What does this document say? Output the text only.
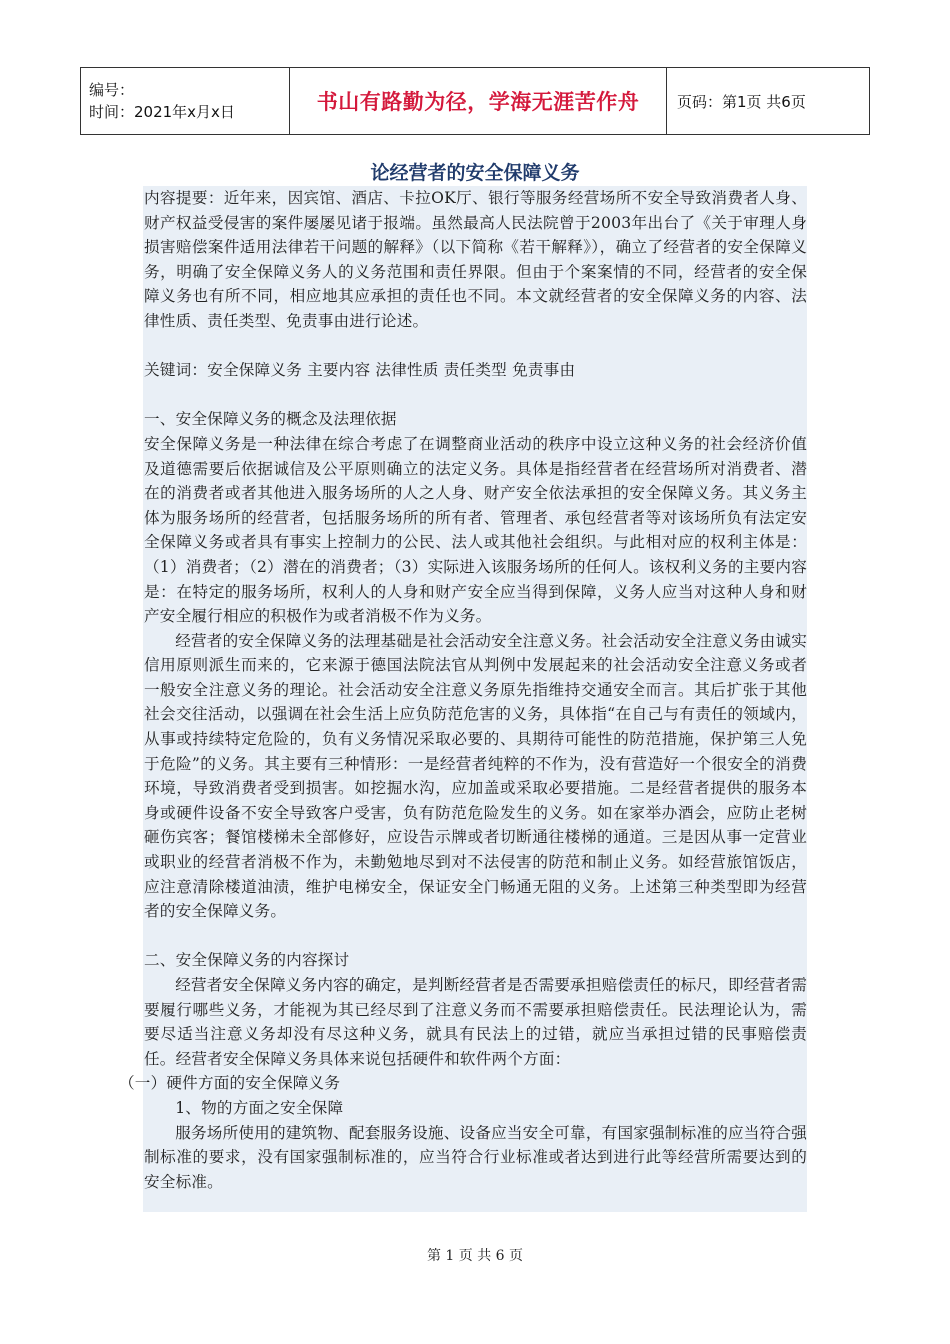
编号：
时间：2021年x月x日	书山有路勤为径，学海无涯苦作舟	页码：第1页 共6页
论经营者的安全保障义务

内容提要：近年来，因宾馆、酒店、卡拉OK厅、银行等服务经营场所不安全导致消费者人身、财产权益受侵害的案件屡屡见诸于报端。虽然最高人民法院曾于2003年出台了《关于审理人身损害赔偿案件适用法律若干问题的解释》（以下简称《若干解释》），确立了经营者的安全保障义务，明确了安全保障义务人的义务范围和责任界限。但由于个案案情的不同，经营者的安全保障义务也有所不同，相应地其应承担的责任也不同。本文就经营者的安全保障义务的内容、法律性质、责任类型、免责事由进行论述。

关键词：安全保障义务 主要内容 法律性质 责任类型 免责事由

一、安全保障义务的概念及法理依据

安全保障义务是一种法律在综合考虑了在调整商业活动的秩序中设立这种义务的社会经济价值及道德需要后依据诚信及公平原则确立的法定义务。具体是指经营者在经营场所对消费者、潜在的消费者或者其他进入服务场所的人之人身、财产安全依法承担的安全保障义务。其义务主体为服务场所的经营者，包括服务场所的所有者、管理者、承包经营者等对该场所负有法定安全保障义务或者具有事实上控制力的公民、法人或其他社会组织。与此相对应的权利主体是：（1）消费者；（2）潜在的消费者；（3）实际进入该服务场所的任何人。该权利义务的主要内容是：在特定的服务场所，权利人的人身和财产安全应当得到保障，义务人应当对这种人身和财产安全履行相应的积极作为或者消极不作为义务。

经营者的安全保障义务的法理基础是社会活动安全注意义务。社会活动安全注意义务由诚实信用原则派生而来的，它来源于德国法院法官从判例中发展起来的社会活动安全注意义务或者一般安全注意义务的理论。社会活动安全注意义务原先指维持交通安全而言。其后扩张于其他社会交往活动，以强调在社会生活上应负防范危害的义务，具体指“在自己与有责任的领域内，从事或持续特定危险的，负有义务情况采取必要的、具期待可能性的防范措施，保护第三人免于危险”的义务。其主要有三种情形：一是经营者纯粹的不作为，没有营造好一个很安全的消费环境，导致消费者受到损害。如挖掘水沟，应加盖或采取必要措施。二是经营者提供的服务本身或硬件设备不安全导致客户受害，负有防范危险发生的义务。如在家举办酒会，应防止老树砸伤宾客；餐馆楼梯未全部修好，应设告示牌或者切断通往楼梯的通道。三是因从事一定营业或职业的经营者消极不作为，未勤勉地尽到对不法侵害的防范和制止义务。如经营旅馆饭店，应注意清除楼道油渍，维护电梯安全，保证安全门畅通无阻的义务。上述第三种类型即为经营者的安全保障义务。

二、安全保障义务的内容探讨

经营者安全保障义务内容的确定，是判断经营者是否需要承担赔偿责任的标尺，即经营者需要履行哪些义务，才能视为其已经尽到了注意义务而不需要承担赔偿责任。民法理论认为，需要尽适当注意义务却没有尽这种义务，就具有民法上的过错，就应当承担过错的民事赔偿责任。经营者安全保障义务具体来说包括硬件和软件两个方面：

（一）硬件方面的安全保障义务

1、物的方面之安全保障

服务场所使用的建筑物、配套服务设施、设备应当安全可靠，有国家强制标准的应当符合强制标准的要求，没有国家强制标准的，应当符合行业标准或者达到进行此等经营所需要达到的安全标准。

第 1 页 共 6 页
